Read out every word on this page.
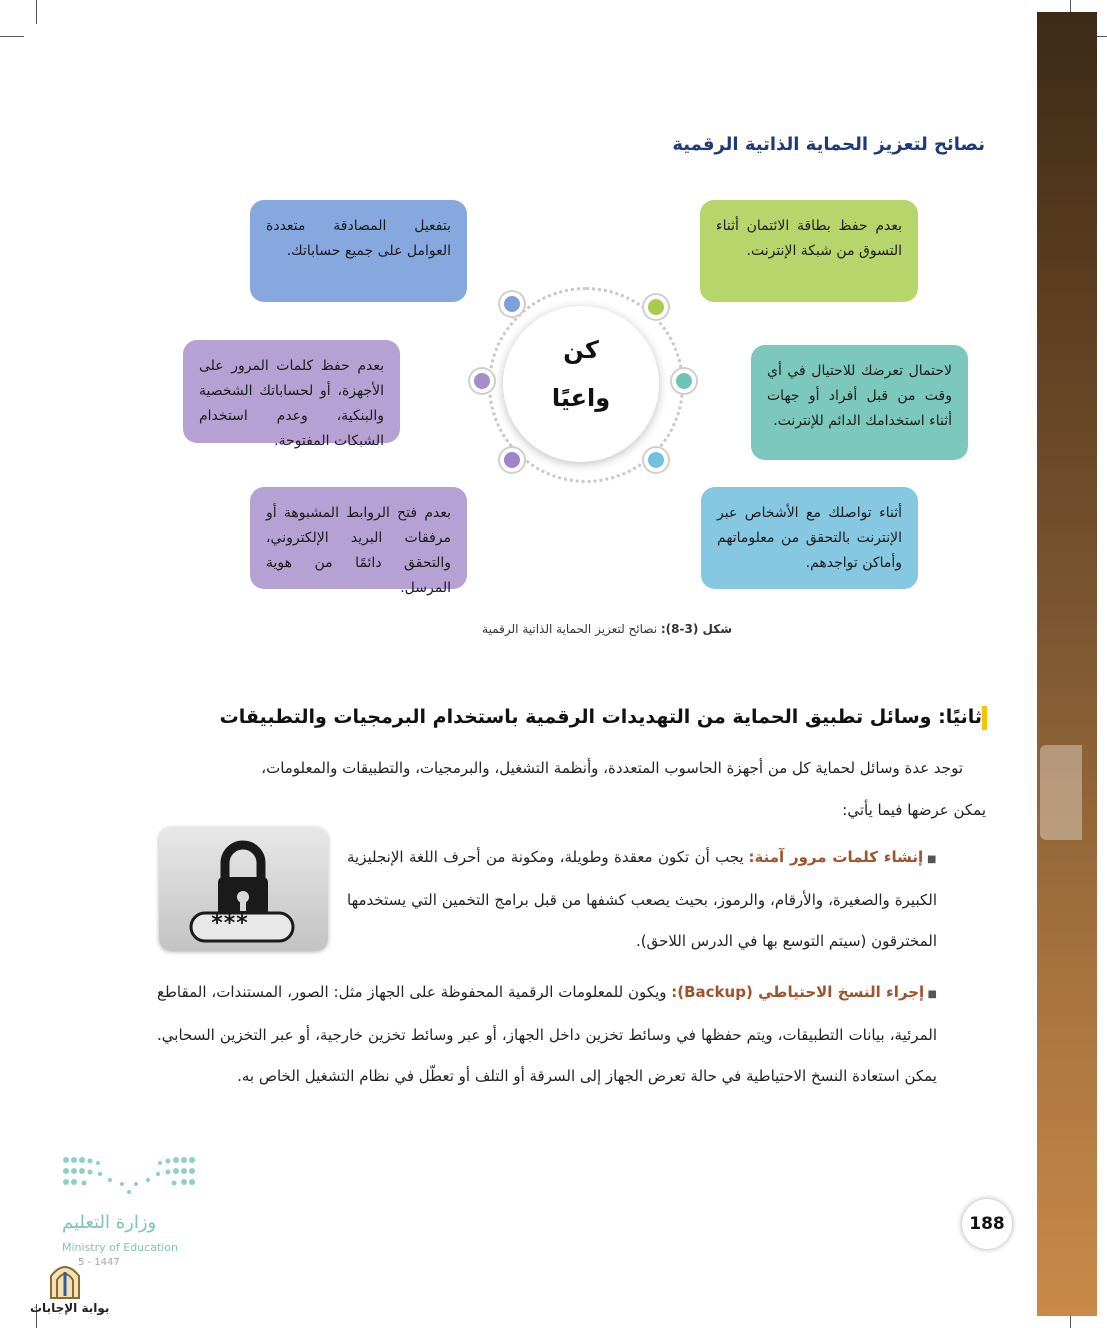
نصائح لتعزيز الحماية الذاتية الرقمية
بعدم حفظ بطاقة الائتمان أثناء التسوق من شبكة الإنترنت.
بتفعيل المصادقة متعددة العوامل على جميع حساباتك.
لاحتمال تعرضك للاحتيال في أي وقت من قبل أفراد أو جهات أثناء استخدامك الدائم للإنترنت.
بعدم حفظ كلمات المرور على الأجهزة، أو لحساباتك الشخصية والبنكية، وعدم استخدام الشبكات المفتوحة.
أثناء تواصلك مع الأشخاص عبر الإنترنت بالتحقق من معلوماتهم وأماكن تواجدهم.
بعدم فتح الروابط المشبوهة أو مرفقات البريد الإلكتروني، والتحقق دائمًا من هوية المرسل.
كن
واعيًا
شكل (3-8): نصائح لتعزيز الحماية الذاتية الرقمية
ثانيًا: وسائل تطبيق الحماية من التهديدات الرقمية باستخدام البرمجيات والتطبيقات
توجد عدة وسائل لحماية كل من أجهزة الحاسوب المتعددة، وأنظمة التشغيل، والبرمجيات، والتطبيقات والمعلومات،
يمكن عرضها فيما يأتي:
■ إنشاء كلمات مرور آمنة: يجب أن تكون معقدة وطويلة، ومكونة من أحرف اللغة الإنجليزية الكبيرة والصغيرة، والأرقام، والرموز، بحيث يصعب كشفها من قبل برامج التخمين التي يستخدمها المخترقون (سيتم التوسع بها في الدرس اللاحق).
■ إجراء النسخ الاحتياطي (Backup): ويكون للمعلومات الرقمية المحفوظة على الجهاز مثل: الصور، المستندات، المقاطع المرئية، بيانات التطبيقات، ويتم حفظها في وسائط تخزين داخل الجهاز، أو عبر وسائط تخزين خارجية، أو عبر التخزين السحابي. يمكن استعادة النسخ الاحتياطية في حالة تعرض الجهاز إلى السرقة أو التلف أو تعطّل في نظام التشغيل الخاص به.
***
188
وزارة التعليم
Ministry of Education
5 - 1447
بوابة الإجابات
